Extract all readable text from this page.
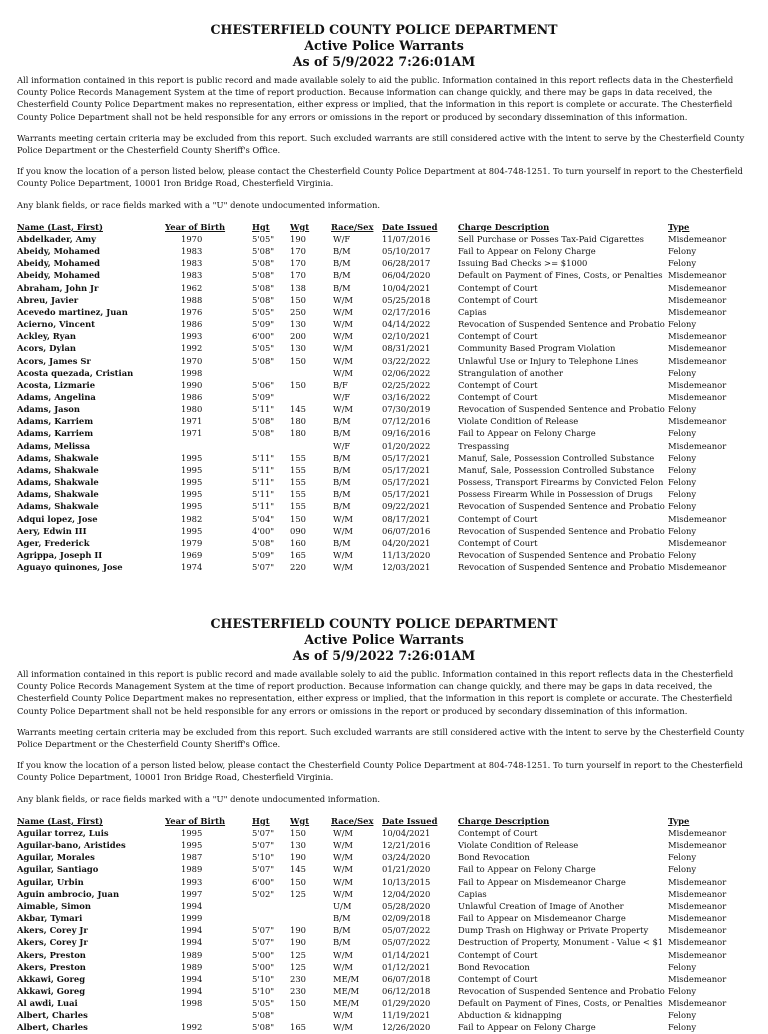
CHESTERFIELD COUNTY POLICE DEPARTMENT
Active Police Warrants
As of 5/9/2022 7:26:01AM

All information contained in this report is public record and made available solely to aid the public. Information contained in this report reflects data in the Chesterfield County Police Records Management System at the time of report production. Because information can change quickly, and there may be gaps in data received, the Chesterfield County Police Department makes no representation, either express or implied, that the information in this report is complete or accurate. The Chesterfield County Police Department shall not be held responsible for any errors or omissions in the report or produced by secondary dissemination of this information.

Warrants meeting certain criteria may be excluded from this report. Such excluded warrants are still considered active with the intent to serve by the Chesterfield County Police Department or the Chesterfield County Sheriff's Office.

If you know the location of a person listed below, please contact the Chesterfield County Police Department at 804-748-1251. To turn yourself in report to the Chesterfield County Police Department, 10001 Iron Bridge Road, Chesterfield Virginia.

Any blank fields, or race fields marked with a "U" denote undocumented information.

Name (Last, First)	Year of Birth	Hgt	Wgt	Race/Sex	Date Issued	Charge Description	Type
Abdelkader, Amy	1970	5'05"	190	W/F	11/07/2016	Sell Purchase or Posses Tax-Paid Cigarettes	Misdemeanor
Abeidy, Mohamed	1983	5'08"	170	B/M	05/10/2017	Fail to Appear on Felony Charge	Felony
Abeidy, Mohamed	1983	5'08"	170	B/M	06/28/2017	Issuing Bad Checks >= $1000	Felony
Abeidy, Mohamed	1983	5'08"	170	B/M	06/04/2020	Default on Payment of Fines, Costs, or Penalties	Misdemeanor
Abraham, John Jr	1962	5'08"	138	B/M	10/04/2021	Contempt of Court	Misdemeanor
Abreu, Javier	1988	5'08"	150	W/M	05/25/2018	Contempt of Court	Misdemeanor
Acevedo martinez, Juan	1976	5'05"	250	W/M	02/17/2016	Capias	Misdemeanor
Acierno, Vincent	1986	5'09"	130	W/M	04/14/2022	Revocation of Suspended Sentence and Probatio	Felony
Ackley, Ryan	1993	6'00"	200	W/M	02/10/2021	Contempt of Court	Misdemeanor
Acors, Dylan	1992	5'05"	130	W/M	08/31/2021	Community Based Program Violation	Misdemeanor
Acors, James Sr	1970	5'08"	150	W/M	03/22/2022	Unlawful Use or Injury to Telephone Lines	Misdemeanor
Acosta quezada, Cristian	1998			W/M	02/06/2022	Strangulation of another	Felony
Acosta, Lizmarie	1990	5'06"	150	B/F	02/25/2022	Contempt of Court	Misdemeanor
Adams, Angelina	1986	5'09"		W/F	03/16/2022	Contempt of Court	Misdemeanor
Adams, Jason	1980	5'11"	145	W/M	07/30/2019	Revocation of Suspended Sentence and Probatio	Felony
Adams, Karriem	1971	5'08"	180	B/M	07/12/2016	Violate Condition of Release	Misdemeanor
Adams, Karriem	1971	5'08"	180	B/M	09/16/2016	Fail to Appear on Felony Charge	Felony
Adams, Melissa				W/F	01/20/2022	Trespassing	Misdemeanor
Adams, Shakwale	1995	5'11"	155	B/M	05/17/2021	Manuf, Sale, Possession Controlled Substance	Felony
Adams, Shakwale	1995	5'11"	155	B/M	05/17/2021	Manuf, Sale, Possession Controlled Substance	Felony
Adams, Shakwale	1995	5'11"	155	B/M	05/17/2021	Possess, Transport Firearms by Convicted Felon	Felony
Adams, Shakwale	1995	5'11"	155	B/M	05/17/2021	Possess Firearm While in Possession of Drugs	Felony
Adams, Shakwale	1995	5'11"	155	B/M	09/22/2021	Revocation of Suspended Sentence and Probatio	Felony
Adqui lopez, Jose	1982	5'04"	150	W/M	08/17/2021	Contempt of Court	Misdemeanor
Aery, Edwin III	1995	4'00"	090	W/M	06/07/2016	Revocation of Suspended Sentence and Probatio	Felony
Ager, Frederick	1979	5'08"	160	B/M	04/20/2021	Contempt of Court	Misdemeanor
Agrippa, Joseph II	1969	5'09"	165	W/M	11/13/2020	Revocation of Suspended Sentence and Probatio	Felony
Aguayo quinones, Jose	1974	5'07"	220	W/M	12/03/2021	Revocation of Suspended Sentence and Probatio	Misdemeanor
CHESTERFIELD COUNTY POLICE DEPARTMENT
Active Police Warrants
As of 5/9/2022 7:26:01AM

All information contained in this report is public record and made available solely to aid the public. Information contained in this report reflects data in the Chesterfield County Police Records Management System at the time of report production. Because information can change quickly, and there may be gaps in data received, the Chesterfield County Police Department makes no representation, either express or implied, that the information in this report is complete or accurate. The Chesterfield County Police Department shall not be held responsible for any errors or omissions in the report or produced by secondary dissemination of this information.

Warrants meeting certain criteria may be excluded from this report. Such excluded warrants are still considered active with the intent to serve by the Chesterfield County Police Department or the Chesterfield County Sheriff's Office.

If you know the location of a person listed below, please contact the Chesterfield County Police Department at 804-748-1251. To turn yourself in report to the Chesterfield County Police Department, 10001 Iron Bridge Road, Chesterfield Virginia.

Any blank fields, or race fields marked with a "U" denote undocumented information.

Name (Last, First)	Year of Birth	Hgt	Wgt	Race/Sex	Date Issued	Charge Description	Type
Aguilar torrez, Luis	1995	5'07"	150	W/M	10/04/2021	Contempt of Court	Misdemeanor
Aguilar-bano, Aristides	1995	5'07"	130	W/M	12/21/2016	Violate Condition of Release	Misdemeanor
Aguilar, Morales	1987	5'10"	190	W/M	03/24/2020	Bond Revocation	Felony
Aguilar, Santiago	1989	5'07"	145	W/M	01/21/2020	Fail to Appear on Felony Charge	Felony
Aguilar, Urbin	1993	6'00"	150	W/M	10/13/2015	Fail to Appear on Misdemeanor Charge	Misdemeanor
Aguin ambrocio, Juan	1997	5'02"	125	W/M	12/04/2020	Capias	Misdemeanor
Aimable, Simon	1994			U/M	05/28/2020	Unlawful Creation of Image of Another	Misdemeanor
Akbar, Tymari	1999			B/M	02/09/2018	Fail to Appear on Misdemeanor Charge	Misdemeanor
Akers, Corey Jr	1994	5'07"	190	B/M	05/07/2022	Dump Trash on Highway or Private Property	Misdemeanor
Akers, Corey Jr	1994	5'07"	190	B/M	05/07/2022	Destruction of Property, Monument - Value < $1	Misdemeanor
Akers, Preston	1989	5'00"	125	W/M	01/14/2021	Contempt of Court	Misdemeanor
Akers, Preston	1989	5'00"	125	W/M	01/12/2021	Bond Revocation	Felony
Akkawi, Goreg	1994	5'10"	230	ME/M	06/07/2018	Contempt of Court	Misdemeanor
Akkawi, Goreg	1994	5'10"	230	ME/M	06/12/2018	Revocation of Suspended Sentence and Probatio	Felony
Al awdi, Luai	1998	5'05"	150	ME/M	01/29/2020	Default on Payment of Fines, Costs, or Penalties	Misdemeanor
Albert, Charles		5'08"		W/M	11/19/2021	Abduction & kidnapping	Felony
Albert, Charles	1992	5'08"	165	W/M	12/26/2020	Fail to Appear on Felony Charge	Felony
